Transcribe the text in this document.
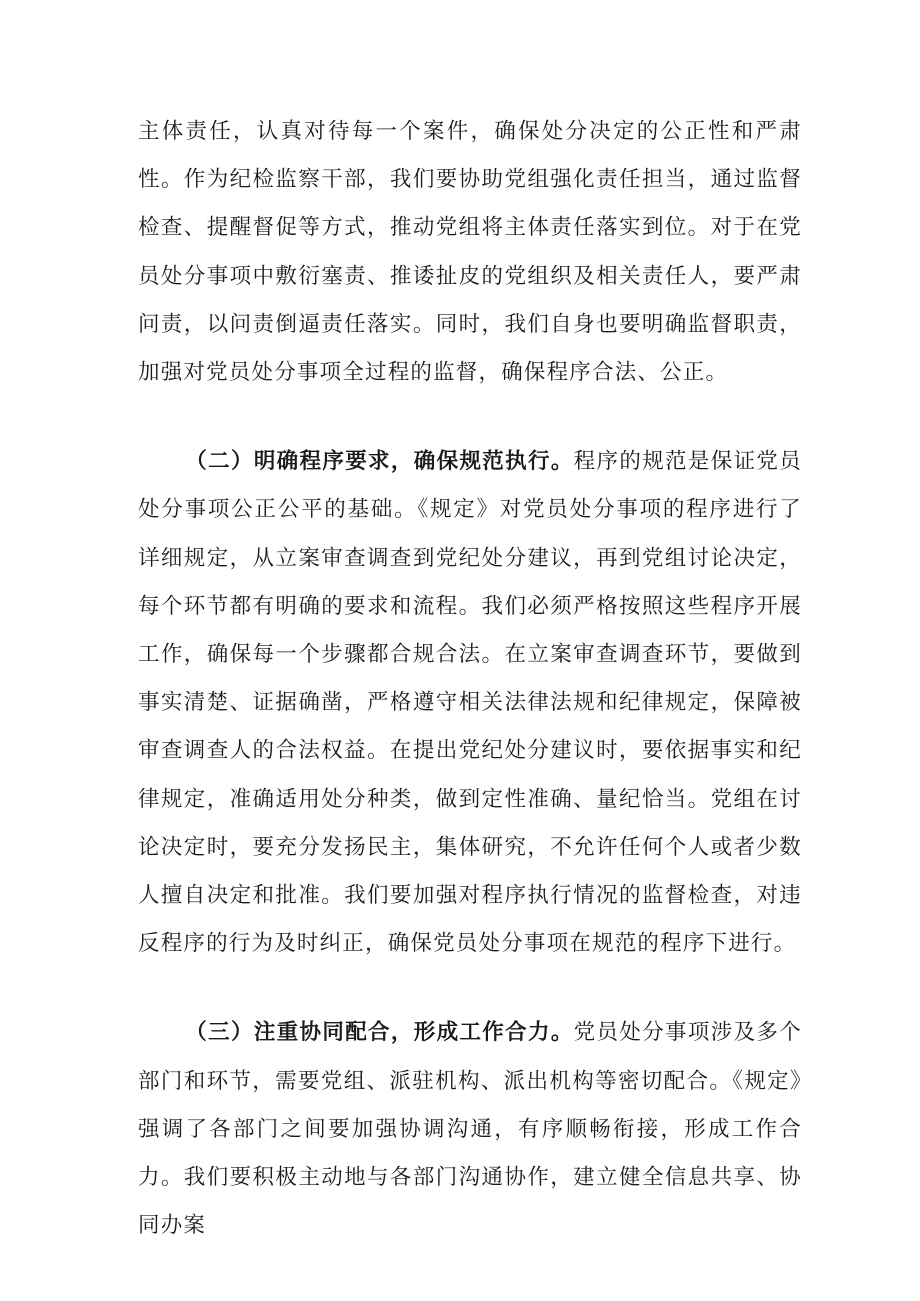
主体责任，认真对待每一个案件，确保处分决定的公正性和严肃性。作为纪检监察干部，我们要协助党组强化责任担当，通过监督检查、提醒督促等方式，推动党组将主体责任落实到位。对于在党员处分事项中敷衍塞责、推诿扯皮的党组织及相关责任人，要严肃问责，以问责倒逼责任落实。同时，我们自身也要明确监督职责，加强对党员处分事项全过程的监督，确保程序合法、公正。

（二）明确程序要求，确保规范执行。程序的规范是保证党员处分事项公正公平的基础。《规定》对党员处分事项的程序进行了详细规定，从立案审查调查到党纪处分建议，再到党组讨论决定，每个环节都有明确的要求和流程。我们必须严格按照这些程序开展工作，确保每一个步骤都合规合法。在立案审查调查环节，要做到事实清楚、证据确凿，严格遵守相关法律法规和纪律规定，保障被审查调查人的合法权益。在提出党纪处分建议时，要依据事实和纪律规定，准确适用处分种类，做到定性准确、量纪恰当。党组在讨论决定时，要充分发扬民主，集体研究，不允许任何个人或者少数人擅自决定和批准。我们要加强对程序执行情况的监督检查，对违反程序的行为及时纠正，确保党员处分事项在规范的程序下进行。

（三）注重协同配合，形成工作合力。党员处分事项涉及多个部门和环节，需要党组、派驻机构、派出机构等密切配合。《规定》强调了各部门之间要加强协调沟通，有序顺畅衔接，形成工作合力。我们要积极主动地与各部门沟通协作，建立健全信息共享、协同办案
